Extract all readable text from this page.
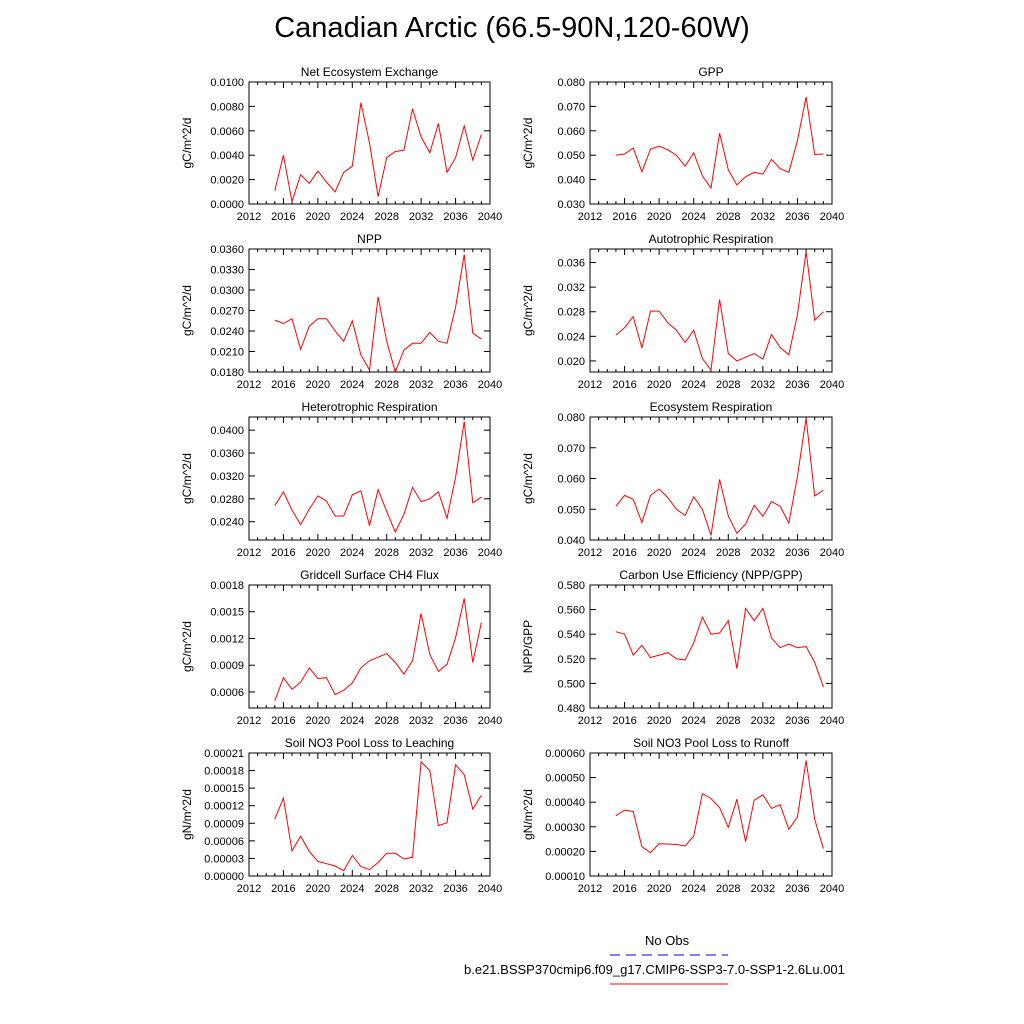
Canadian Arctic (66.5-90N,120-60W)
Net Ecosystem Exchange
gC/m^2/d
2012 2016 2020 2024 2028 2032 2036 2040
0.0000
0.0020
0.0040
0.0060
0.0080
0.0100
GPP
gC/m^2/d
2012 2016 2020 2024 2028 2032 2036 2040
0.030
0.040
0.050
0.060
0.070
0.080
NPP
gC/m^2/d
2012 2016 2020 2024 2028 2032 2036 2040
0.0180
0.0210
0.0240
0.0270
0.0300
0.0330
0.0360
Autotrophic Respiration
gC/m^2/d
2012 2016 2020 2024 2028 2032 2036 2040
0.020
0.024
0.028
0.032
0.036
Heterotrophic Respiration
gC/m^2/d
2012 2016 2020 2024 2028 2032 2036 2040
0.0240
0.0280
0.0320
0.0360
0.0400
Ecosystem Respiration
gC/m^2/d
2012 2016 2020 2024 2028 2032 2036 2040
0.040
0.050
0.060
0.070
0.080
Gridcell Surface CH4 Flux
gC/m^2/d
2012 2016 2020 2024 2028 2032 2036 2040
0.0006
0.0009
0.0012
0.0015
0.0018
Carbon Use Efficiency (NPP/GPP)
NPP/GPP
2012 2016 2020 2024 2028 2032 2036 2040
0.480
0.500
0.520
0.540
0.560
0.580
Soil NO3 Pool Loss to Leaching
gN/m^2/d
2012 2016 2020 2024 2028 2032 2036 2040
0.00000
0.00003
0.00006
0.00009
0.00012
0.00015
0.00018
0.00021
Soil NO3 Pool Loss to Runoff
gN/m^2/d
2012 2016 2020 2024 2028 2032 2036 2040
0.00010
0.00020
0.00030
0.00040
0.00050
0.00060
No Obs
b.e21.BSSP370cmip6.f09_g17.CMIP6-SSP3-7.0-SSP1-2.6Lu.001
